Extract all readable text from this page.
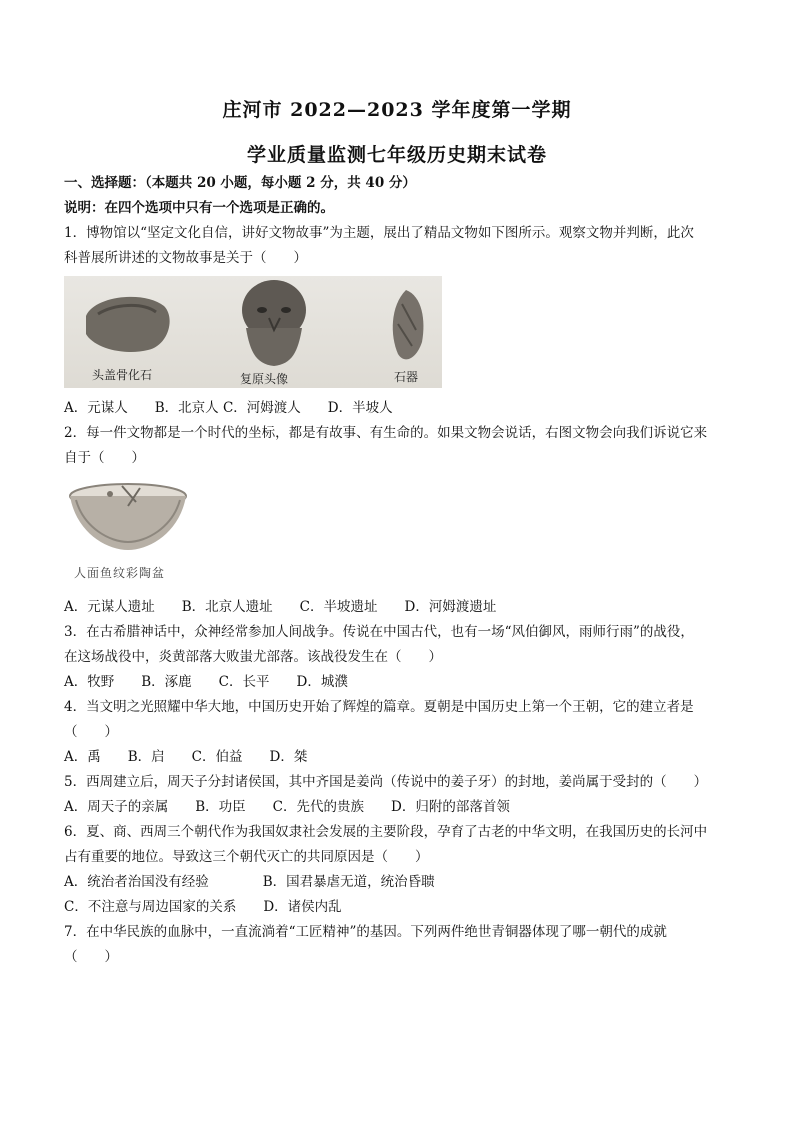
庄河市 2022—2023 学年度第一学期
学业质量监测七年级历史期末试卷
一、选择题：（本题共 20 小题，每小题 2 分，共 40 分）
说明：在四个选项中只有一个选项是正确的。
1．博物馆以“坚定文化自信，讲好文物故事”为主题，展出了精品文物如下图所示。观察文物并判断，此次
科普展所讲述的文物故事是关于（　　）
头盖骨化石	复原头像	石器
A．元谋人　　B．北京人 C．河姆渡人　　D．半坡人
2．每一件文物都是一个时代的坐标，都是有故事、有生命的。如果文物会说话，右图文物会向我们诉说它来
自于（　　）
人面鱼纹彩陶盆
A．元谋人遗址　　B．北京人遗址　　C．半坡遗址　　D．河姆渡遗址
3．在古希腊神话中，众神经常参加人间战争。传说在中国古代，也有一场“风伯御风，雨师行雨”的战役，
在这场战役中，炎黄部落大败蚩尤部落。该战役发生在（　　）
A．牧野　　B．涿鹿　　C．长平　　D．城濮
4．当文明之光照耀中华大地，中国历史开始了辉煌的篇章。夏朝是中国历史上第一个王朝，它的建立者是
（　　）
A．禹　　B．启　　C．伯益　　D．桀
5．西周建立后，周天子分封诸侯国，其中齐国是姜尚（传说中的姜子牙）的封地，姜尚属于受封的（　　）
A．周天子的亲属　　B．功臣　　C．先代的贵族　　D．归附的部落首领
6．夏、商、西周三个朝代作为我国奴隶社会发展的主要阶段，孕育了古老的中华文明，在我国历史的长河中
占有重要的地位。导致这三个朝代灭亡的共同原因是（　　）
A．统治者治国没有经验　　　　B．国君暴虐无道，统治昏聩
C．不注意与周边国家的关系　　D．诸侯内乱
7．在中华民族的血脉中，一直流淌着“工匠精神”的基因。下列两件绝世青铜器体现了哪一朝代的成就
（　　）
